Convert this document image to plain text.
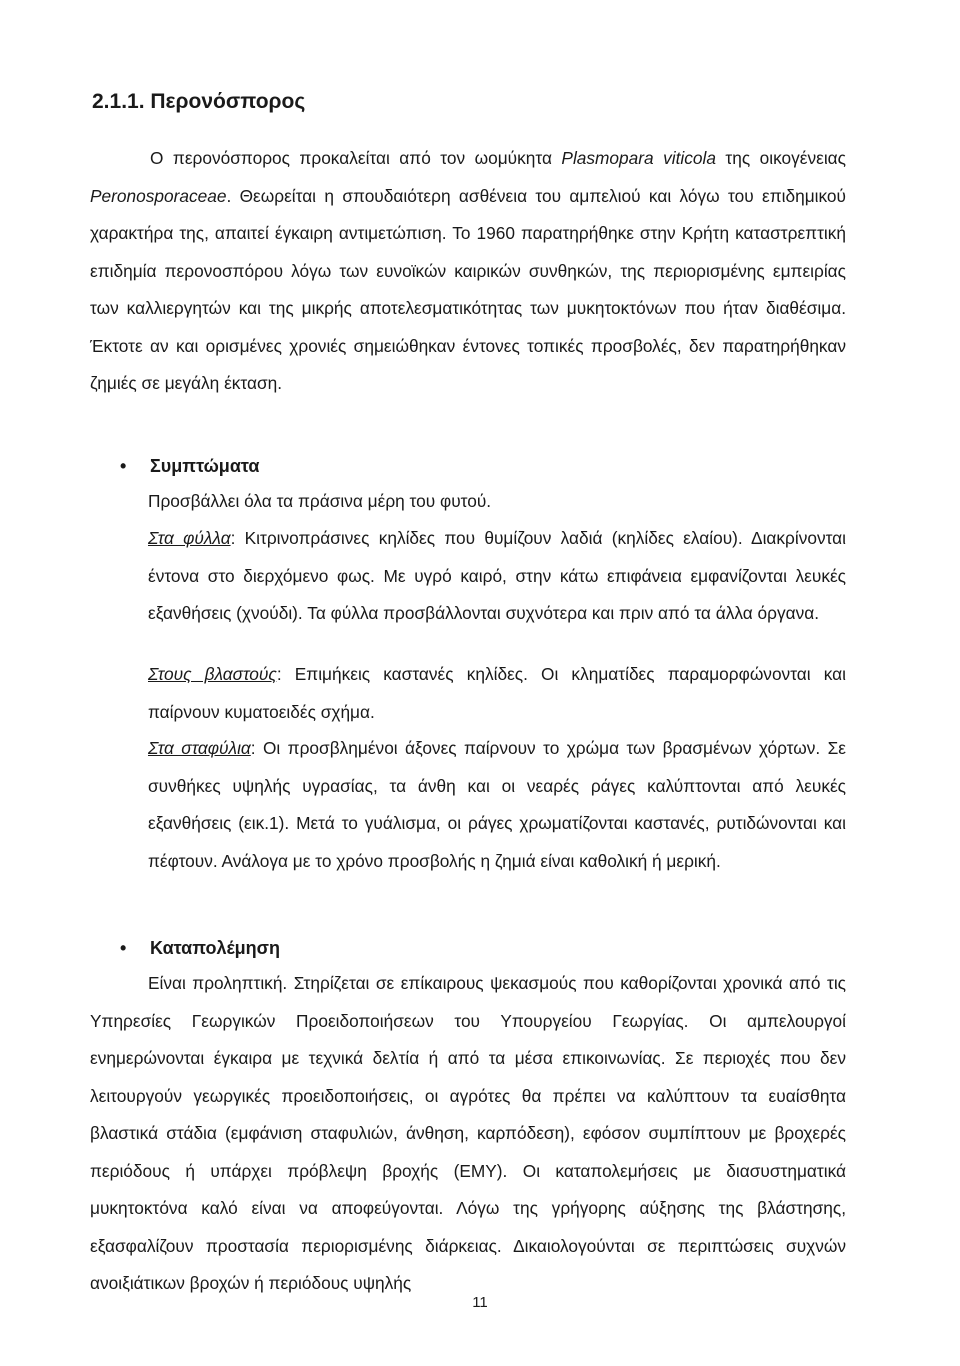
2.1.1. Περονόσπορος

Ο περονόσπορος προκαλείται από τον ωομύκητα Plasmopara viticola της οικογένειας Peronosporaceae. Θεωρείται η σπουδαιότερη ασθένεια του αμπελιού και λόγω του επιδημικού χαρακτήρα της, απαιτεί έγκαιρη αντιμετώπιση. Το 1960 παρατηρήθηκε στην Κρήτη καταστρεπτική επιδημία περονοσπόρου λόγω των ευνοϊκών καιρικών συνθηκών, της περιορισμένης εμπειρίας των καλλιεργητών και της μικρής αποτελεσματικότητας των μυκητοκτόνων που ήταν διαθέσιμα. Έκτοτε αν και ορισμένες χρονιές σημειώθηκαν έντονες τοπικές προσβολές, δεν παρατηρήθηκαν ζημιές σε μεγάλη έκταση.

• Συμπτώματα

Προσβάλλει όλα τα πράσινα μέρη του φυτού.

Στα φύλλα: Κιτρινοπράσινες κηλίδες που θυμίζουν λαδιά (κηλίδες ελαίου). Διακρίνονται έντονα στο διερχόμενο φως. Με υγρό καιρό, στην κάτω επιφάνεια εμφανίζονται λευκές εξανθήσεις (χνούδι). Τα φύλλα προσβάλλονται συχνότερα και πριν από τα άλλα όργανα.

Στους βλαστούς: Επιμήκεις καστανές κηλίδες. Οι κληματίδες παραμορφώνονται και παίρνουν κυματοειδές σχήμα.

Στα σταφύλια: Οι προσβλημένοι άξονες παίρνουν το χρώμα των βρασμένων χόρτων. Σε συνθήκες υψηλής υγρασίας, τα άνθη και οι νεαρές ράγες καλύπτονται από λευκές εξανθήσεις (εικ.1). Μετά το γυάλισμα, οι ράγες χρωματίζονται καστανές, ρυτιδώνονται και πέφτουν. Ανάλογα με το χρόνο προσβολής η ζημιά είναι καθολική ή μερική.

• Καταπολέμηση

Είναι προληπτική. Στηρίζεται σε επίκαιρους ψεκασμούς που καθορίζονται χρονικά από τις Υπηρεσίες Γεωργικών Προειδοποιήσεων του Υπουργείου Γεωργίας. Οι αμπελουργοί ενημερώνονται έγκαιρα με τεχνικά δελτία ή από τα μέσα επικοινωνίας. Σε περιοχές που δεν λειτουργούν γεωργικές προειδοποιήσεις, οι αγρότες θα πρέπει να καλύπτουν τα ευαίσθητα βλαστικά στάδια (εμφάνιση σταφυλιών, άνθηση, καρπόδεση), εφόσον συμπίπτουν με βροχερές περιόδους ή υπάρχει πρόβλεψη βροχής (ΕΜΥ). Οι καταπολεμήσεις με διασυστηματικά μυκητοκτόνα καλό είναι να αποφεύγονται. Λόγω της γρήγορης αύξησης της βλάστησης, εξασφαλίζουν προστασία περιορισμένης διάρκειας. Δικαιολογούνται σε περιπτώσεις συχνών ανοιξιάτικων βροχών ή περιόδους υψηλής

11
